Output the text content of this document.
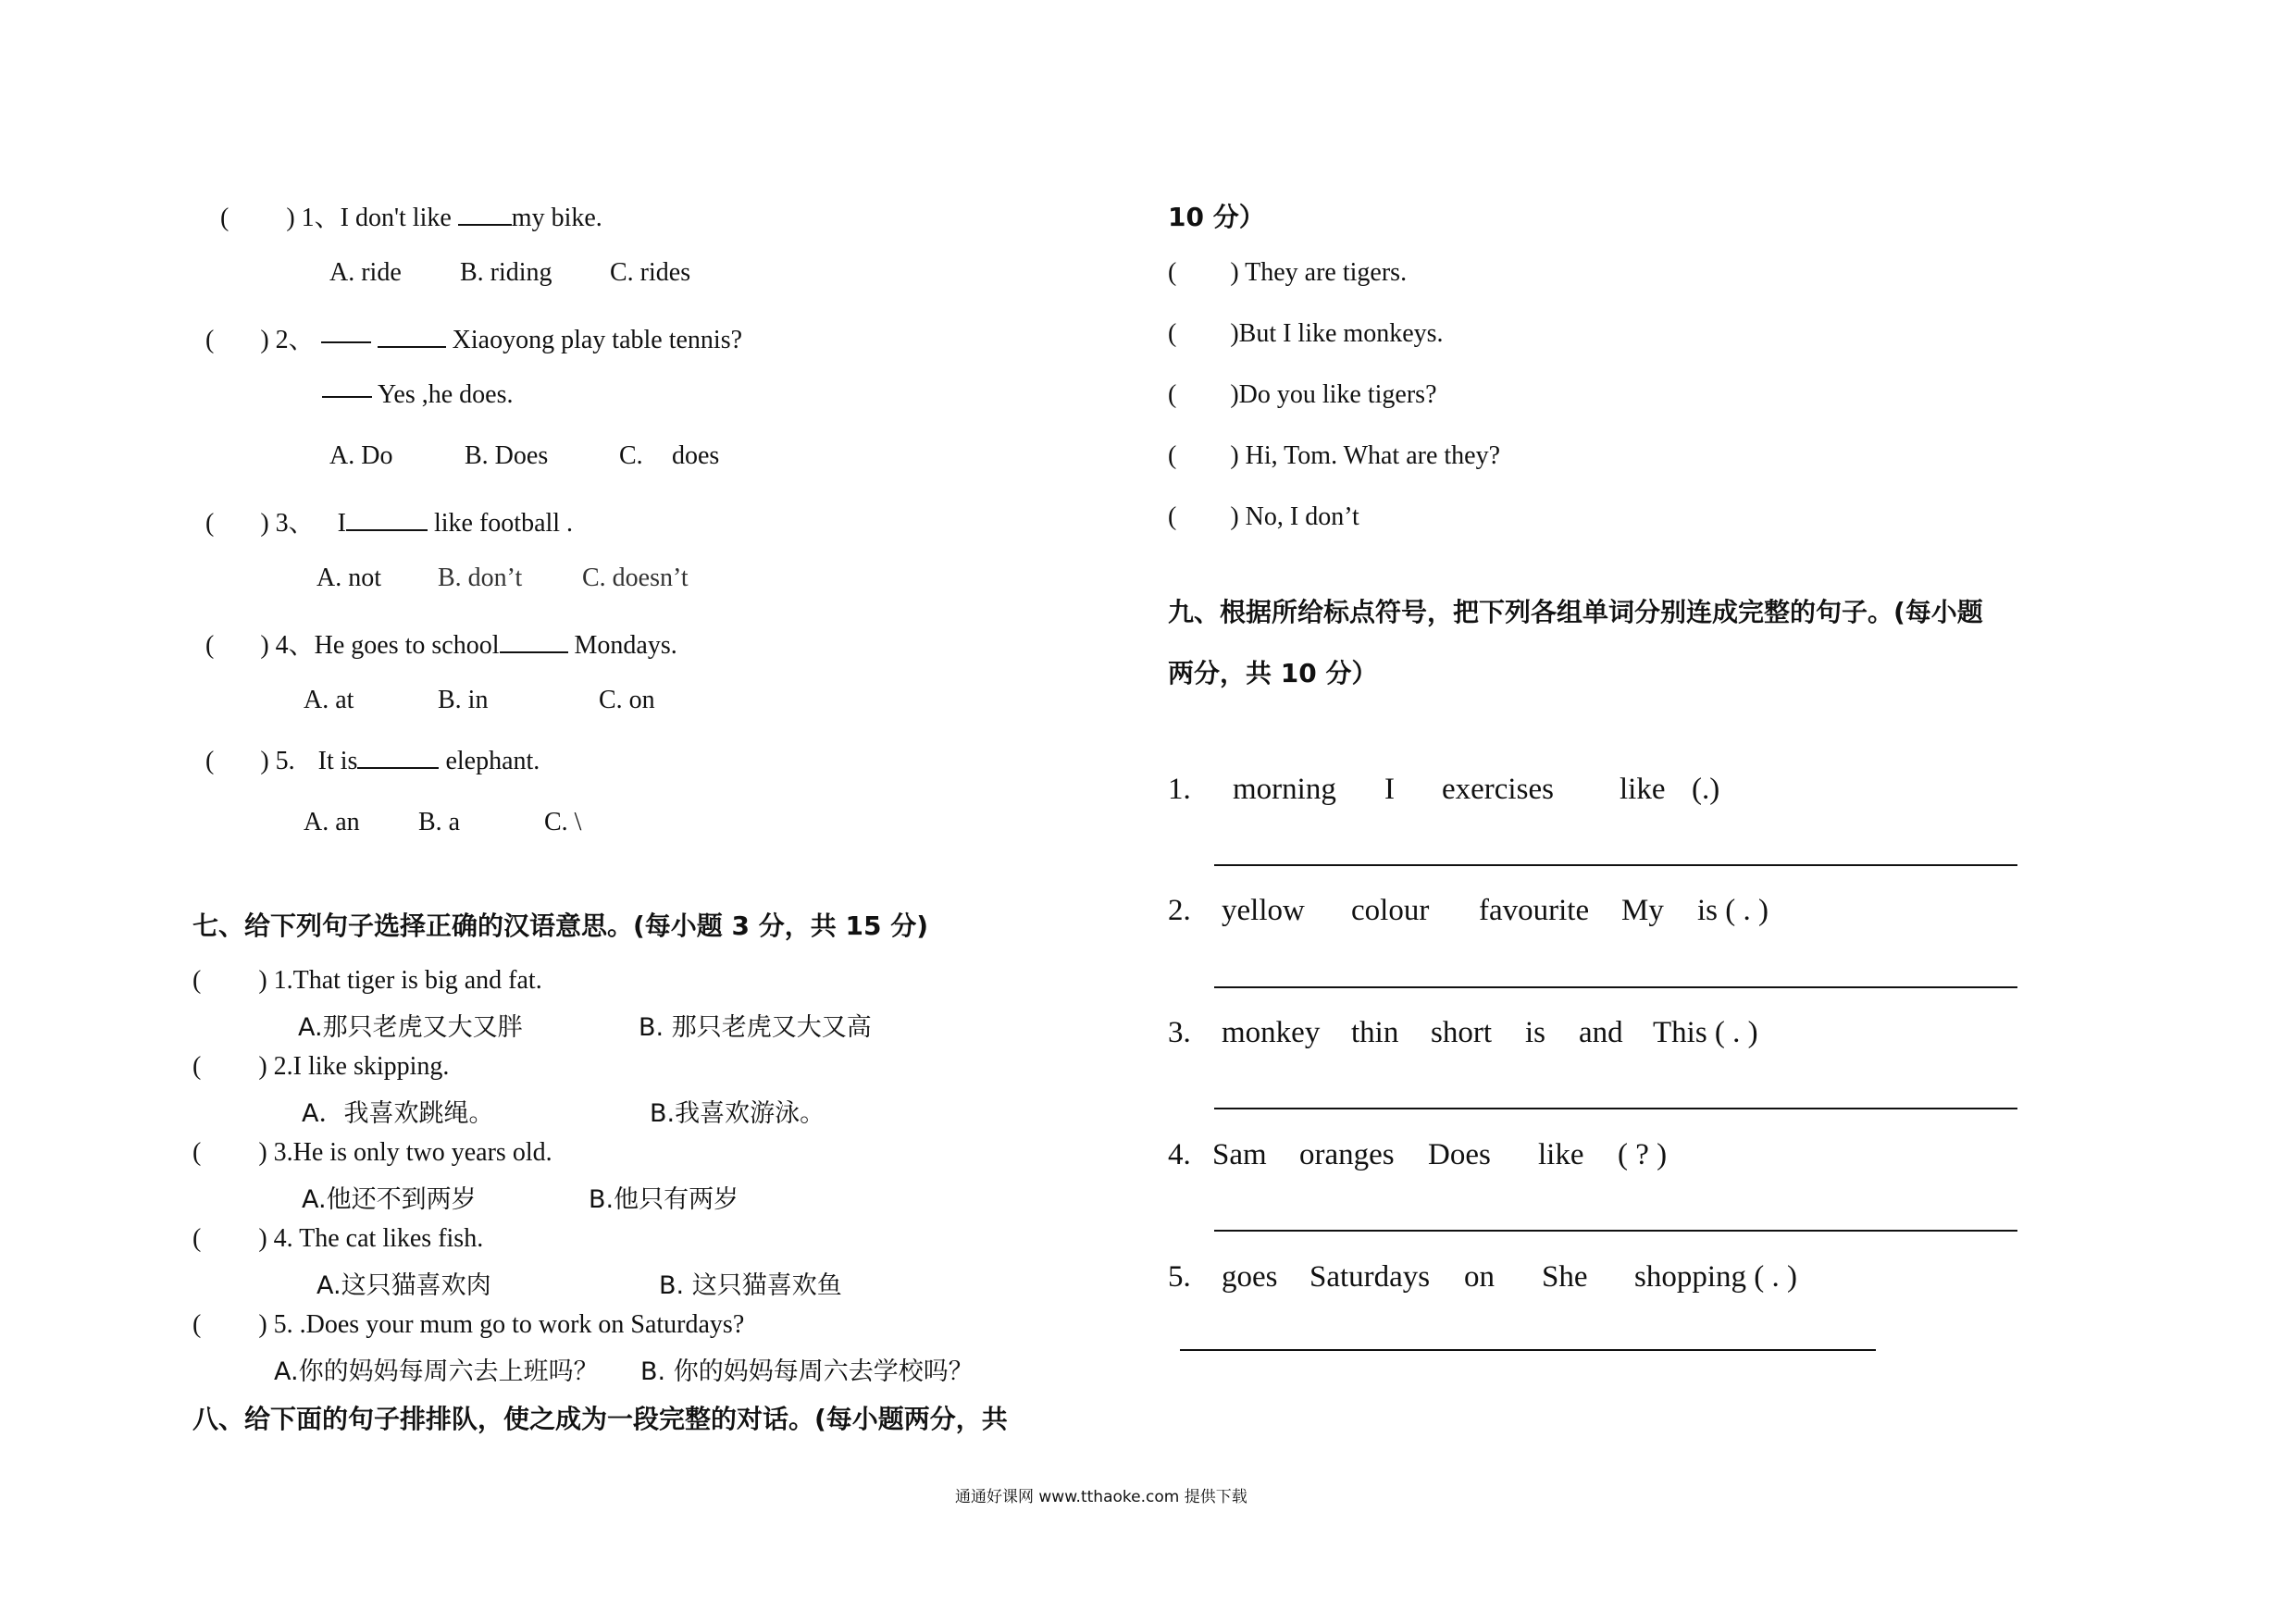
( ) 1、I don't like my bike.
A. ride B. riding C. rides
( ) 2、	Xiaoyong play table tennis?
Yes ,he does.
A. Do	B. Does	C. does
( ) 3、 I	like football .
A. not B. don’t C. doesn’t
( ) 4、He goes to school	Mondays.
A. at	B. in	C. on
( ) 5. It is	elephant.
A. an B. a	C. \
七、给下列句子选择正确的汉语意思。(每小题 3 分，共 15 分)
( ) 1.That tiger is big and fat.
A.那只老虎又大又胖	B. 那只老虎又大又高
( ) 2.I like skipping.
A．我喜欢跳绳。	B.我喜欢游泳。
( ) 3.He is only two years old.
A.他还不到两岁	B.他只有两岁
( ) 4. The cat likes fish.
A.这只猫喜欢肉	B. 这只猫喜欢鱼
( ) 5. .Does your mum go to work on Saturdays?
A.你的妈妈每周六去上班吗？ B. 你的妈妈每周六去学校吗？
八、给下面的句子排排队，使之成为一段完整的对话。(每小题两分，共
10 分）
( ) They are tigers.
( )But I like monkeys.
( )Do you like tigers?
( ) Hi, Tom. What are they?
( ) No, I don’t
九、根据所给标点符号，把下列各组单词分别连成完整的句子。(每小题
两分，共 10 分）
1. morning I exercises like (.)
2. yellow colour favourite My is ( . )
3. monkey thin short is and This ( . )
4. Sam oranges Does like ( ? )
5. goes Saturdays on She shopping ( . )
通通好课网 www.tthaoke.com 提供下载
